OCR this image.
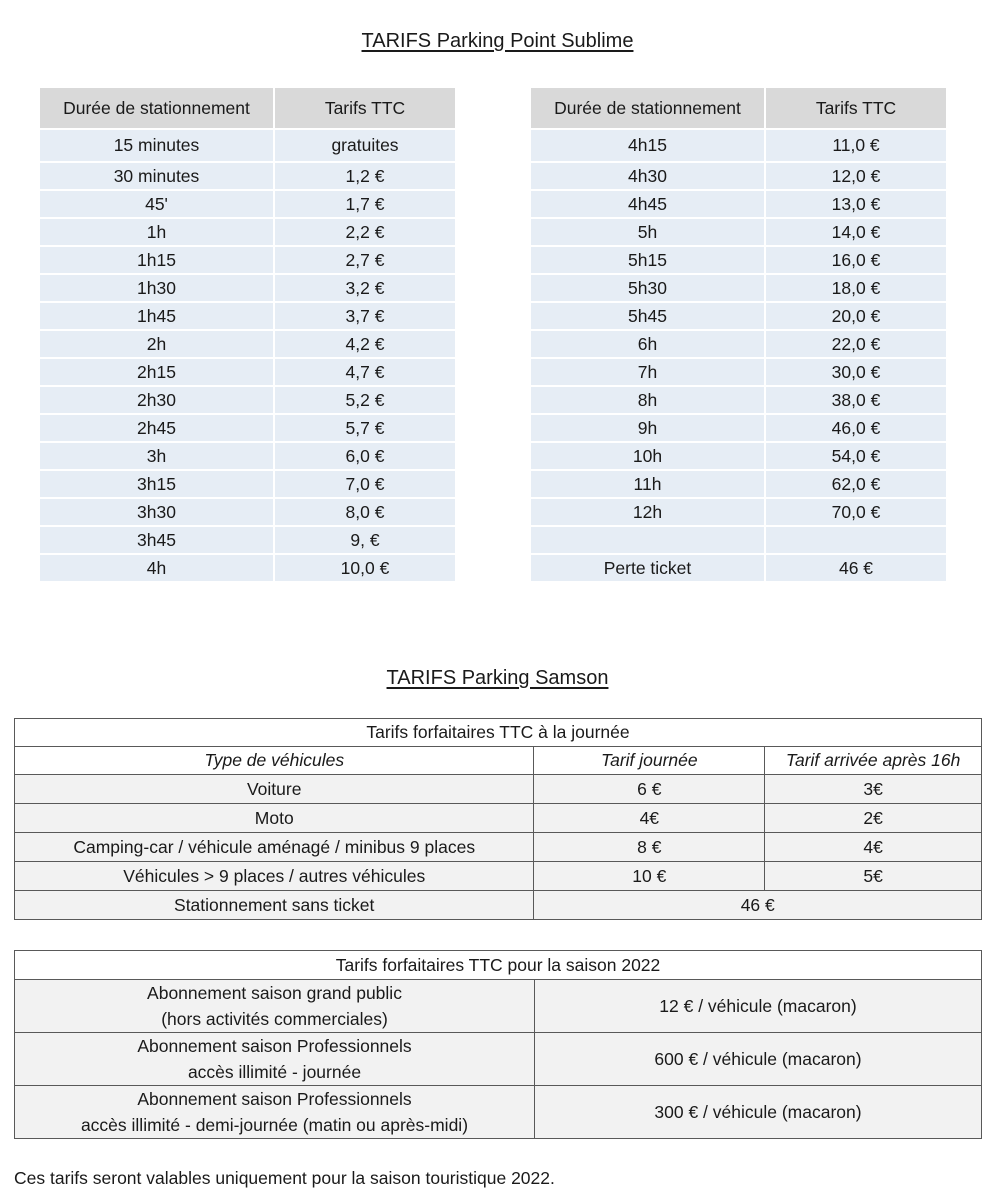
TARIFS Parking Point Sublime
Durée de stationnement	Tarifs TTC
15 minutes	gratuites
30 minutes	1,2 €
45'	1,7 €
1h	2,2 €
1h15	2,7 €
1h30	3,2 €
1h45	3,7 €
2h	4,2 €
2h15	4,7 €
2h30	5,2 €
2h45	5,7 €
3h	6,0 €
3h15	7,0 €
3h30	8,0 €
3h45	9, €
4h	10,0 €
Durée de stationnement	Tarifs TTC
4h15	11,0 €
4h30	12,0 €
4h45	13,0 €
5h	14,0 €
5h15	16,0 €
5h30	18,0 €
5h45	20,0 €
6h	22,0 €
7h	30,0 €
8h	38,0 €
9h	46,0 €
10h	54,0 €
11h	62,0 €
12h	70,0 €

Perte ticket	46 €
TARIFS Parking Samson
Tarifs forfaitaires TTC à la journée		
Type de véhicules	Tarif journée	Tarif arrivée après 16h
Voiture	6 €	3€
Moto	4€	2€
Camping-car / véhicule aménagé / minibus 9 places	8 €	4€
Véhicules > 9 places / autres véhicules	10 €	5€
Stationnement sans ticket	46 €	
Tarifs forfaitaires TTC pour la saison 2022	

Abonnement saison grand public
(hors activités commerciales)	12 € / véhicule (macaron)

Abonnement saison Professionnels
accès illimité - journée	600 € / véhicule (macaron)

Abonnement saison Professionnels
accès illimité - demi-journée (matin ou après-midi)	300 € / véhicule (macaron)
Ces tarifs seront valables uniquement pour la saison touristique 2022.
